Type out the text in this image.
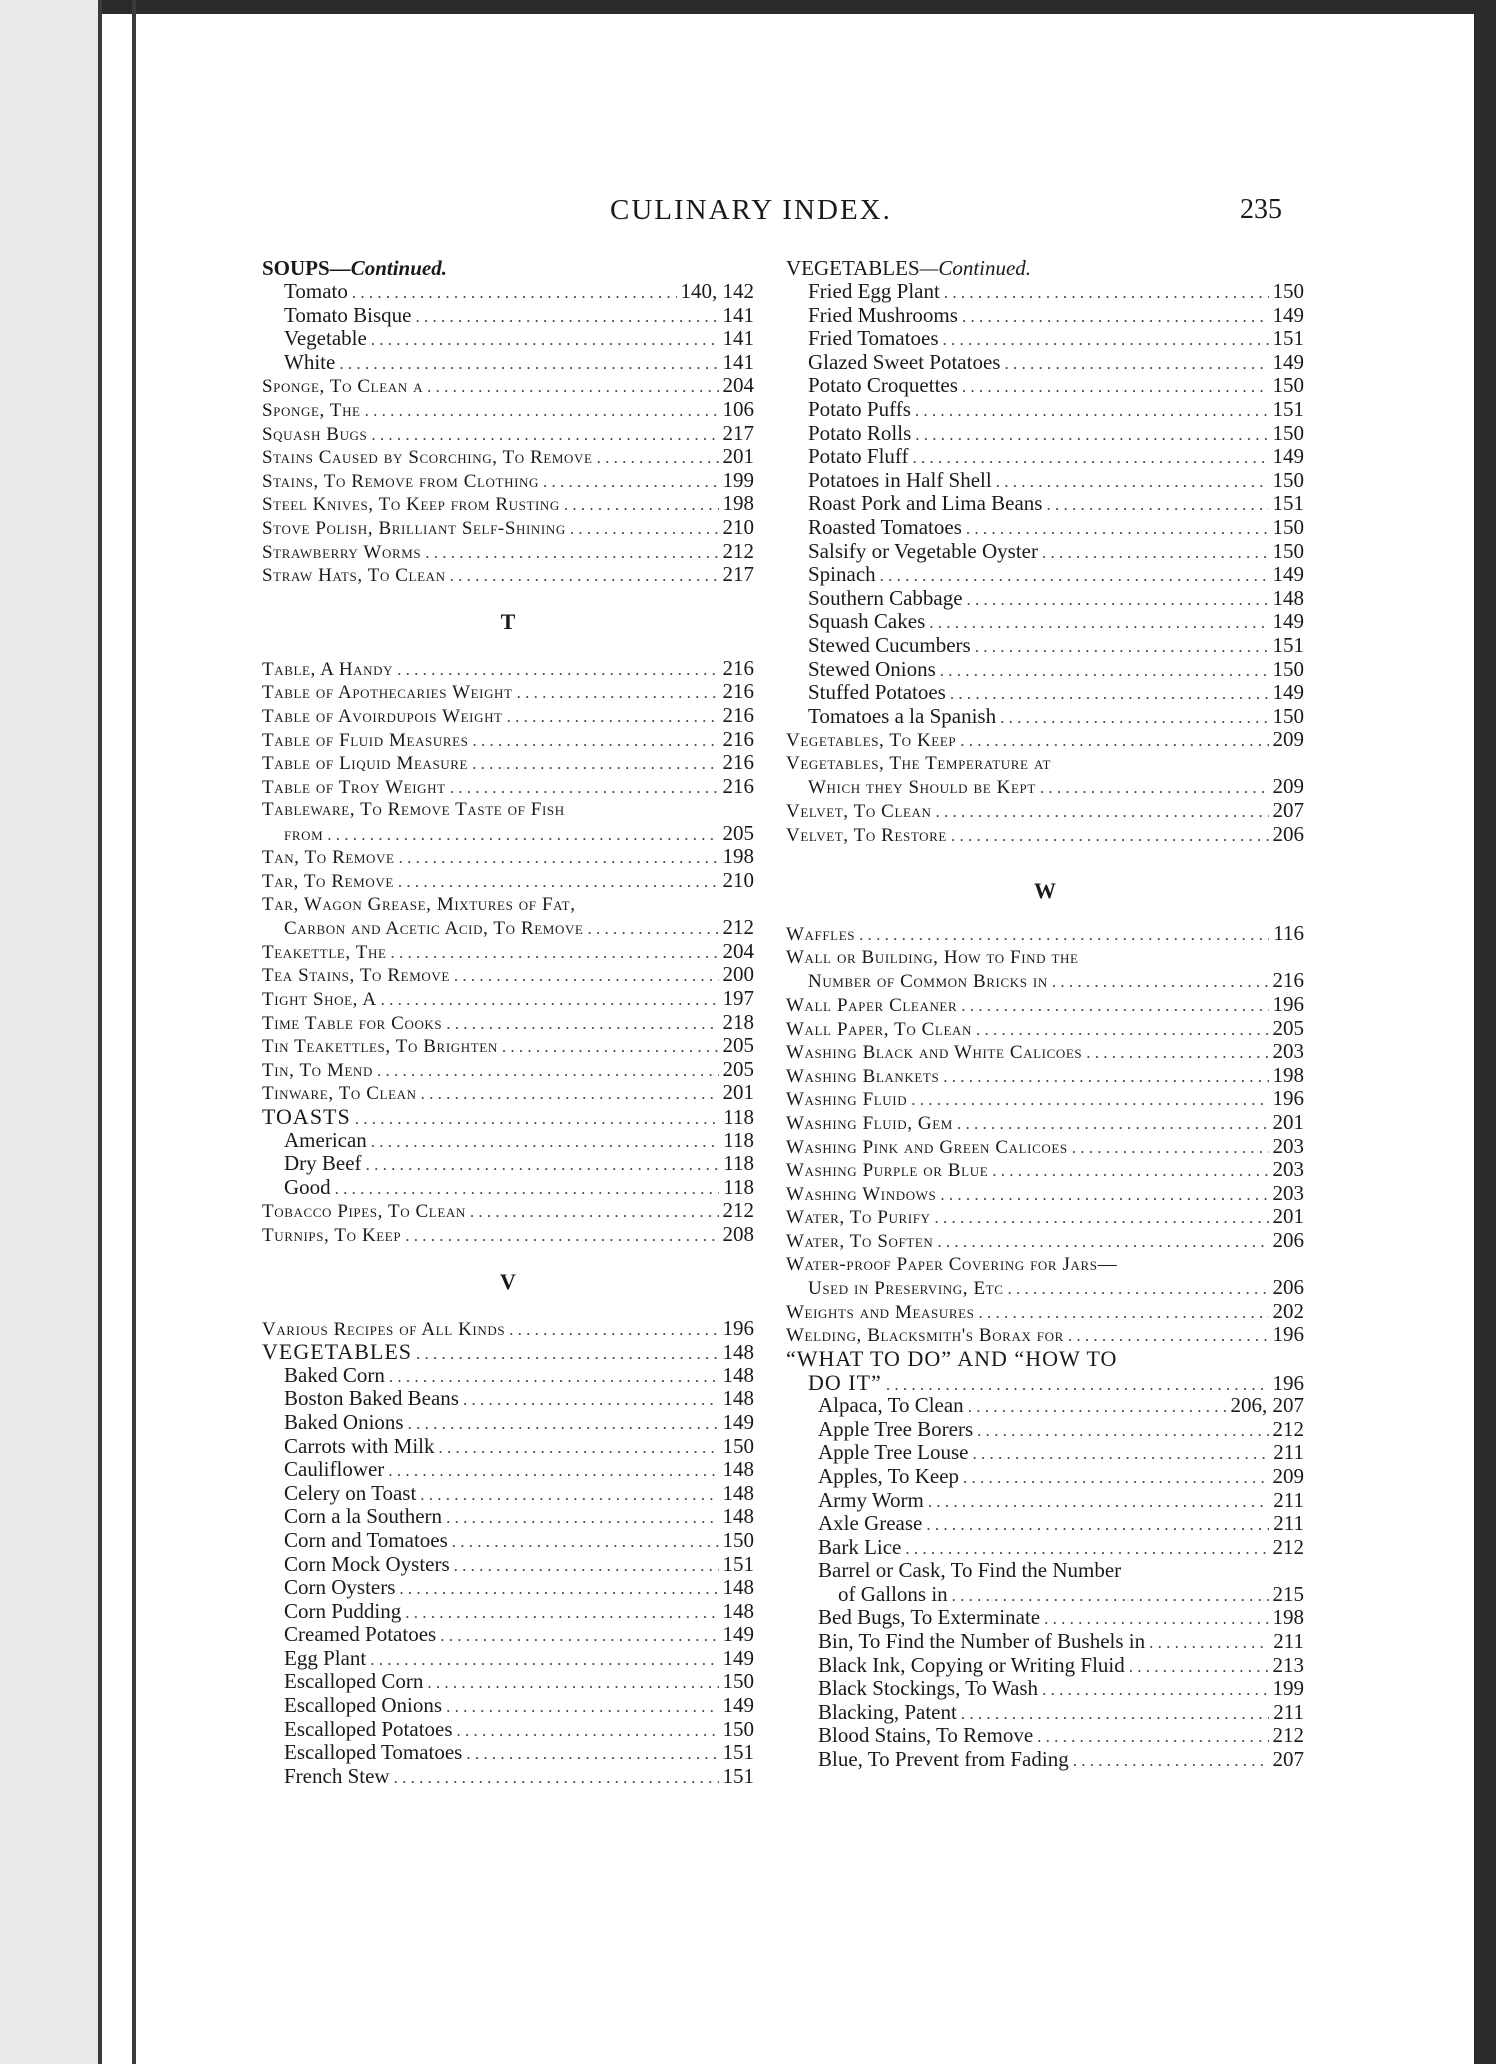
CULINARY INDEX.	235
SOUPS—Continued.
Tomato . . .	140, 142
Tomato Bisque . . .	141
Vegetable . . .	141
White . . .	141
Sponge, To Clean a . . .	204
Sponge, The . . .	106
Squash Bugs . . .	217
Stains Caused by Scorching, To Remove . . .	201
Stains, To Remove from Clothing . . .	199
Steel Knives, To Keep from Rusting . . .	198
Stove Polish, Brilliant Self-Shining . . .	210
Strawberry Worms . . .	212
Straw Hats, To Clean . . .	217
T
Table, A Handy . . .	216
Table of Apothecaries Weight . . .	216
Table of Avoirdupois Weight . . .	216
Table of Fluid Measures . . .	216
Table of Liquid Measure . . .	216
Table of Troy Weight . . .	216
Tableware, To Remove Taste of Fish
from . . .	205
Tan, To Remove . . .	198
Tar, To Remove . . .	210
Tar, Wagon Grease, Mixtures of Fat,
Carbon and Acetic Acid, To Remove . . .	212
Teakettle, The . . .	204
Tea Stains, To Remove . . .	200
Tight Shoe, A . . .	197
Time Table for Cooks . . .	218
Tin Teakettles, To Brighten . . .	205
Tin, To Mend . . .	205
Tinware, To Clean . . .	201
TOASTS . . .	118
American . . .	118
Dry Beef . . .	118
Good . . .	118
Tobacco Pipes, To Clean . . .	212
Turnips, To Keep . . .	208
V
Various Recipes of All Kinds . . .	196
VEGETABLES . . .	148
Baked Corn . . .	148
Boston Baked Beans . . .	148
Baked Onions . . .	149
Carrots with Milk . . .	150
Cauliflower . . .	148
Celery on Toast . . .	148
Corn a la Southern . . .	148
Corn and Tomatoes . . .	150
Corn Mock Oysters . . .	151
Corn Oysters . . .	148
Corn Pudding . . .	148
Creamed Potatoes . . .	149
Egg Plant . . .	149
Escalloped Corn . . .	150
Escalloped Onions . . .	149
Escalloped Potatoes . . .	150
Escalloped Tomatoes . . .	151
French Stew . . .	151
VEGETABLES—Continued.
Fried Egg Plant . . .	150
Fried Mushrooms . . .	149
Fried Tomatoes . . .	151
Glazed Sweet Potatoes . . .	149
Potato Croquettes . . .	150
Potato Puffs . . .	151
Potato Rolls . . .	150
Potato Fluff . . .	149
Potatoes in Half Shell . . .	150
Roast Pork and Lima Beans . . .	151
Roasted Tomatoes . . .	150
Salsify or Vegetable Oyster . . .	150
Spinach . . .	149
Southern Cabbage . . .	148
Squash Cakes . . .	149
Stewed Cucumbers . . .	151
Stewed Onions . . .	150
Stuffed Potatoes . . .	149
Tomatoes a la Spanish . . .	150
Vegetables, To Keep . . .	209
Vegetables, The Temperature at
Which they Should be Kept . . .	209
Velvet, To Clean . . .	207
Velvet, To Restore . . .	206
W
Waffles . . .	116
Wall or Building, How to Find the
Number of Common Bricks in . . .	216
Wall Paper Cleaner . . .	196
Wall Paper, To Clean . . .	205
Washing Black and White Calicoes . . .	203
Washing Blankets . . .	198
Washing Fluid . . .	196
Washing Fluid, Gem . . .	201
Washing Pink and Green Calicoes . . .	203
Washing Purple or Blue . . .	203
Washing Windows . . .	203
Water, To Purify . . .	201
Water, To Soften . . .	206
Water-proof Paper Covering for Jars—
Used in Preserving, Etc . . .	206
Weights and Measures . . .	202
Welding, Blacksmith's Borax for . . .	196
“WHAT TO DO” AND “HOW TO
DO IT” . . .	196
Alpaca, To Clean . . .	206, 207
Apple Tree Borers . . .	212
Apple Tree Louse . . .	211
Apples, To Keep . . .	209
Army Worm . . .	211
Axle Grease . . .	211
Bark Lice . . .	212
Barrel or Cask, To Find the Number
of Gallons in . . .	215
Bed Bugs, To Exterminate . . .	198
Bin, To Find the Number of Bushels in . . .	211
Black Ink, Copying or Writing Fluid . . .	213
Black Stockings, To Wash . . .	199
Blacking, Patent . . .	211
Blood Stains, To Remove . . .	212
Blue, To Prevent from Fading . . .	207
